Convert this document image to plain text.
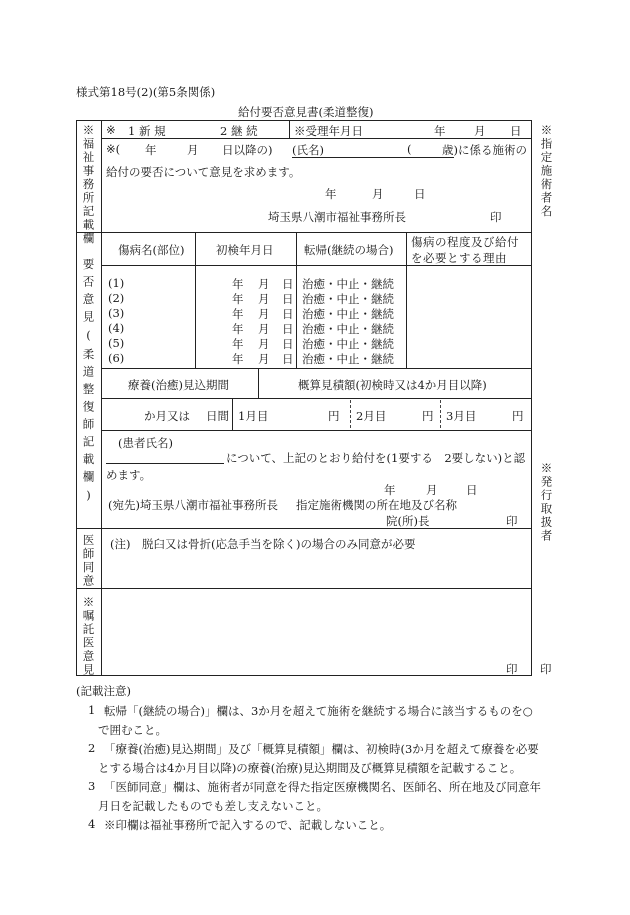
様式第18号(2)(第5条関係)
給付要否意見書(柔道整復)
※福祉事務所記載欄 ※ 1 新 規	2 継 続	※受理年月日	年 月 日
※( 年	月 日以降の) (氏名)	(	歳)に係る施術の
給付の要否について意見を求めます。
年	月	日
埼玉県八潮市福祉事務所長	印
要否意見(柔道整復師記載欄)
傷病名(部位)	初検年月日	転帰(継続の場合)
傷病の程度及び給付を必要とする理由
(1)	年 月 日 治癒・中止・継続
(2)	年 月 日 治癒・中止・継続
(3)	年 月 日 治癒・中止・継続
(4)	年 月 日 治癒・中止・継続
(5)	年 月 日 治癒・中止・継続
(6)	年 月 日 治癒・中止・継続
療養(治癒)見込期間	概算見積額(初検時又は4か月目以降)
か月又は 日間 1月目	円 2月目	円 3月目	円
(患者氏名)
について、上記のとおり給付を(1要する　2要しない)と認
めます。
年	月 日
(宛先)埼玉県八潮市福祉事務所長 指定施術機関の所在地及び名称
院(所)長	印
医師同意 (注)　脱臼又は骨折(応急手当を除く)の場合のみ同意が必要
※嘱託医意見	印
※指定施術者名
※発行取扱者
印
(記載注意)
1 転帰「(継続の場合)」欄は、3か月を超えて施術を継続する場合に該当するものを○
で囲むこと。
2 「療養(治癒)見込期間」及び「概算見積額」欄は、初検時(3か月を超えて療養を必要
とする場合は4か月目以降)の療養(治療)見込期間及び概算見積額を記載すること。
3 「医師同意」欄は、施術者が同意を得た指定医療機関名、医師名、所在地及び同意年
月日を記載したものでも差し支えないこと。
4 ※印欄は福祉事務所で記入するので、記載しないこと。
